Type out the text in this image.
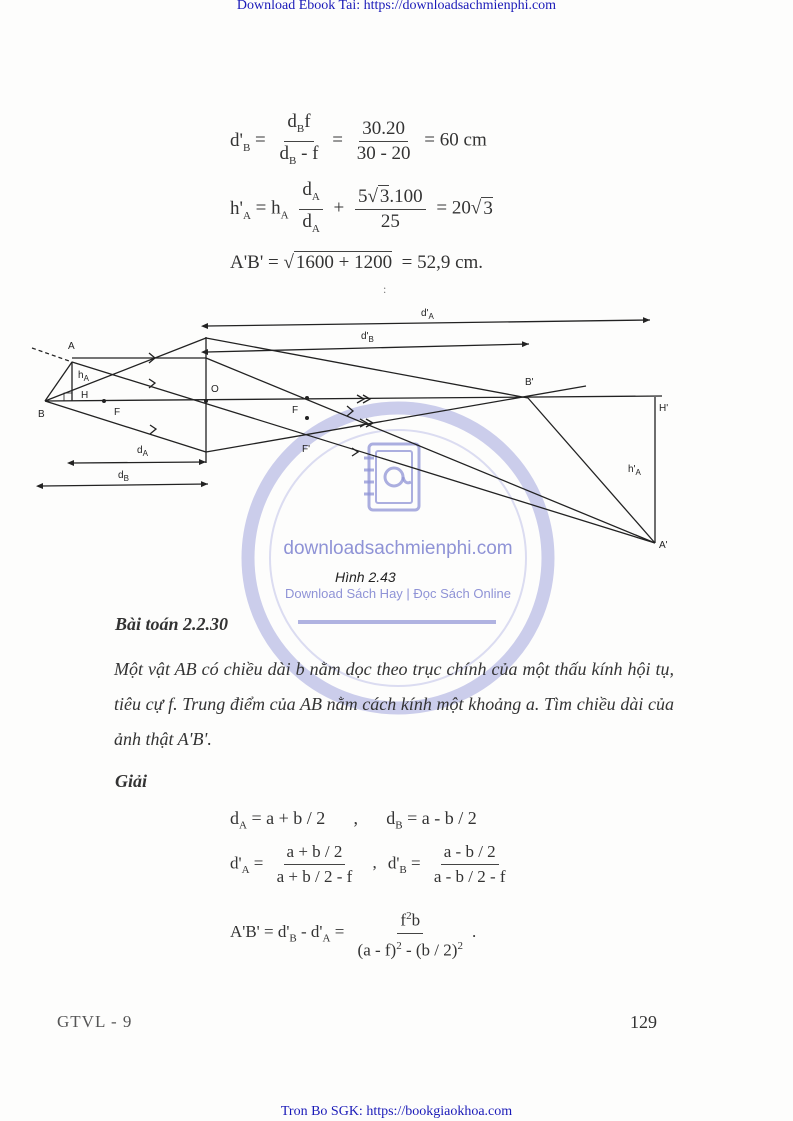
Download Ebook Tai: https://downloadsachmienphi.com
$d'_B = \frac{d_Bf}{d_B - f} = \frac{30.20}{30 - 20} = 60$ cm
$h'_A = h_A \frac{d_A}{d_A} + \frac{5√ 3.100}{25} = 20√$ 3
A'B' = √ 1600 + 1200 = 52,9 cm.
:
downloadsachmienphi.com
Download Sách Hay | Đọc Sách Online
A
B
H
$h_A$
F
O
F
F'
B'
A'
H'
$h'_A$
$d_A$
$d_B$
$d'_A$
$d'_B$
Hình 2.43
Bài toán 2.2.30
Một vật AB có chiều dài b nằm dọc theo trục chính của một thấu kính hội tụ, tiêu cự f. Trung điểm của AB nằm cách kính một khoảng a. Tìm chiều dài của ảnh thật A'B'.
Giải
$d_A = a + b / 2$ , $d_B = a - b / 2$
$d'_A = \frac{a + b / 2}{a + b / 2 - f}$ , $d'_B = \frac{a - b / 2}{a - b / 2 - f}$
$A'B' = d'_B - d'_A = \frac{f^2b}{(a - f)^2 - (b / 2)^2}$ .
GTVL - 9	129
Tron Bo SGK: https://bookgiaokhoa.com
